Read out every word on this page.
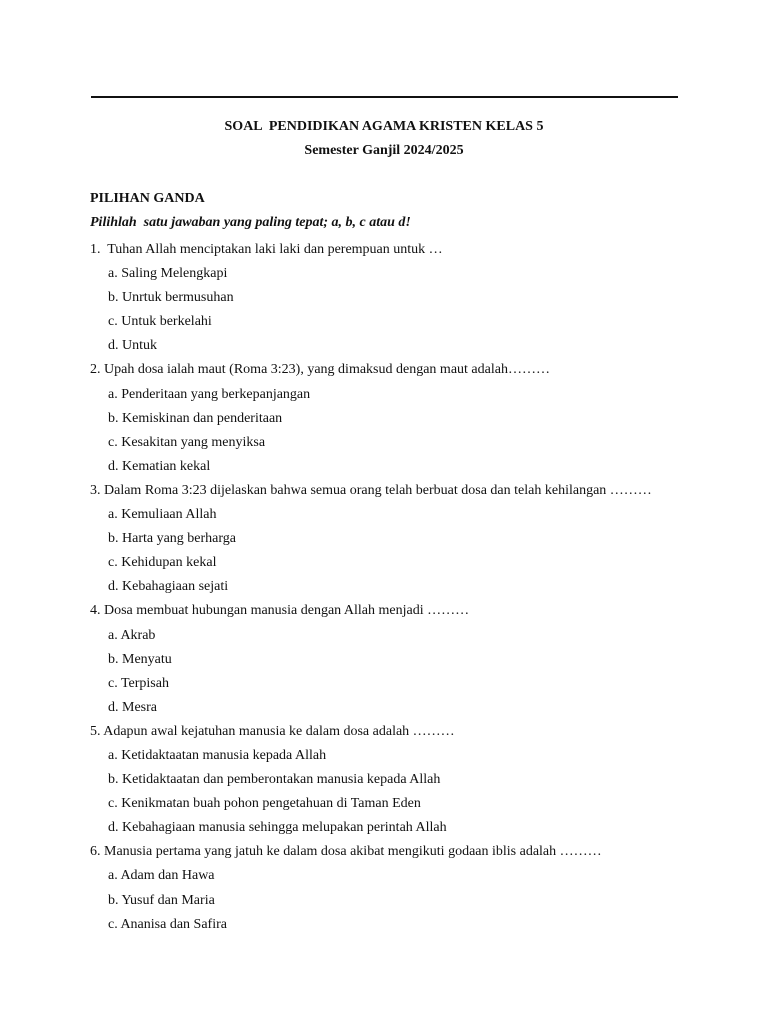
SOAL  PENDIDIKAN AGAMA KRISTEN KELAS 5
Semester Ganjil 2024/2025
PILIHAN GANDA
Pilihlah  satu jawaban yang paling tepat; a, b, c atau d!
1.  Tuhan Allah menciptakan laki laki dan perempuan untuk …
a. Saling Melengkapi
b. Unrtuk bermusuhan
c. Untuk berkelahi
d. Untuk
2. Upah dosa ialah maut (Roma 3:23), yang dimaksud dengan maut adalah………
a. Penderitaan yang berkepanjangan
b. Kemiskinan dan penderitaan
c. Kesakitan yang menyiksa
d. Kematian kekal
3. Dalam Roma 3:23 dijelaskan bahwa semua orang telah berbuat dosa dan telah kehilangan ………
a. Kemuliaan Allah
b. Harta yang berharga
c. Kehidupan kekal
d. Kebahagiaan sejati
4. Dosa membuat hubungan manusia dengan Allah menjadi ………
a. Akrab
b. Menyatu
c. Terpisah
d. Mesra
5. Adapun awal kejatuhan manusia ke dalam dosa adalah ………
a. Ketidaktaatan manusia kepada Allah
b. Ketidaktaatan dan pemberontakan manusia kepada Allah
c. Kenikmatan buah pohon pengetahuan di Taman Eden
d. Kebahagiaan manusia sehingga melupakan perintah Allah
6. Manusia pertama yang jatuh ke dalam dosa akibat mengikuti godaan iblis adalah ………
a. Adam dan Hawa
b. Yusuf dan Maria
c. Ananisa dan Safira
